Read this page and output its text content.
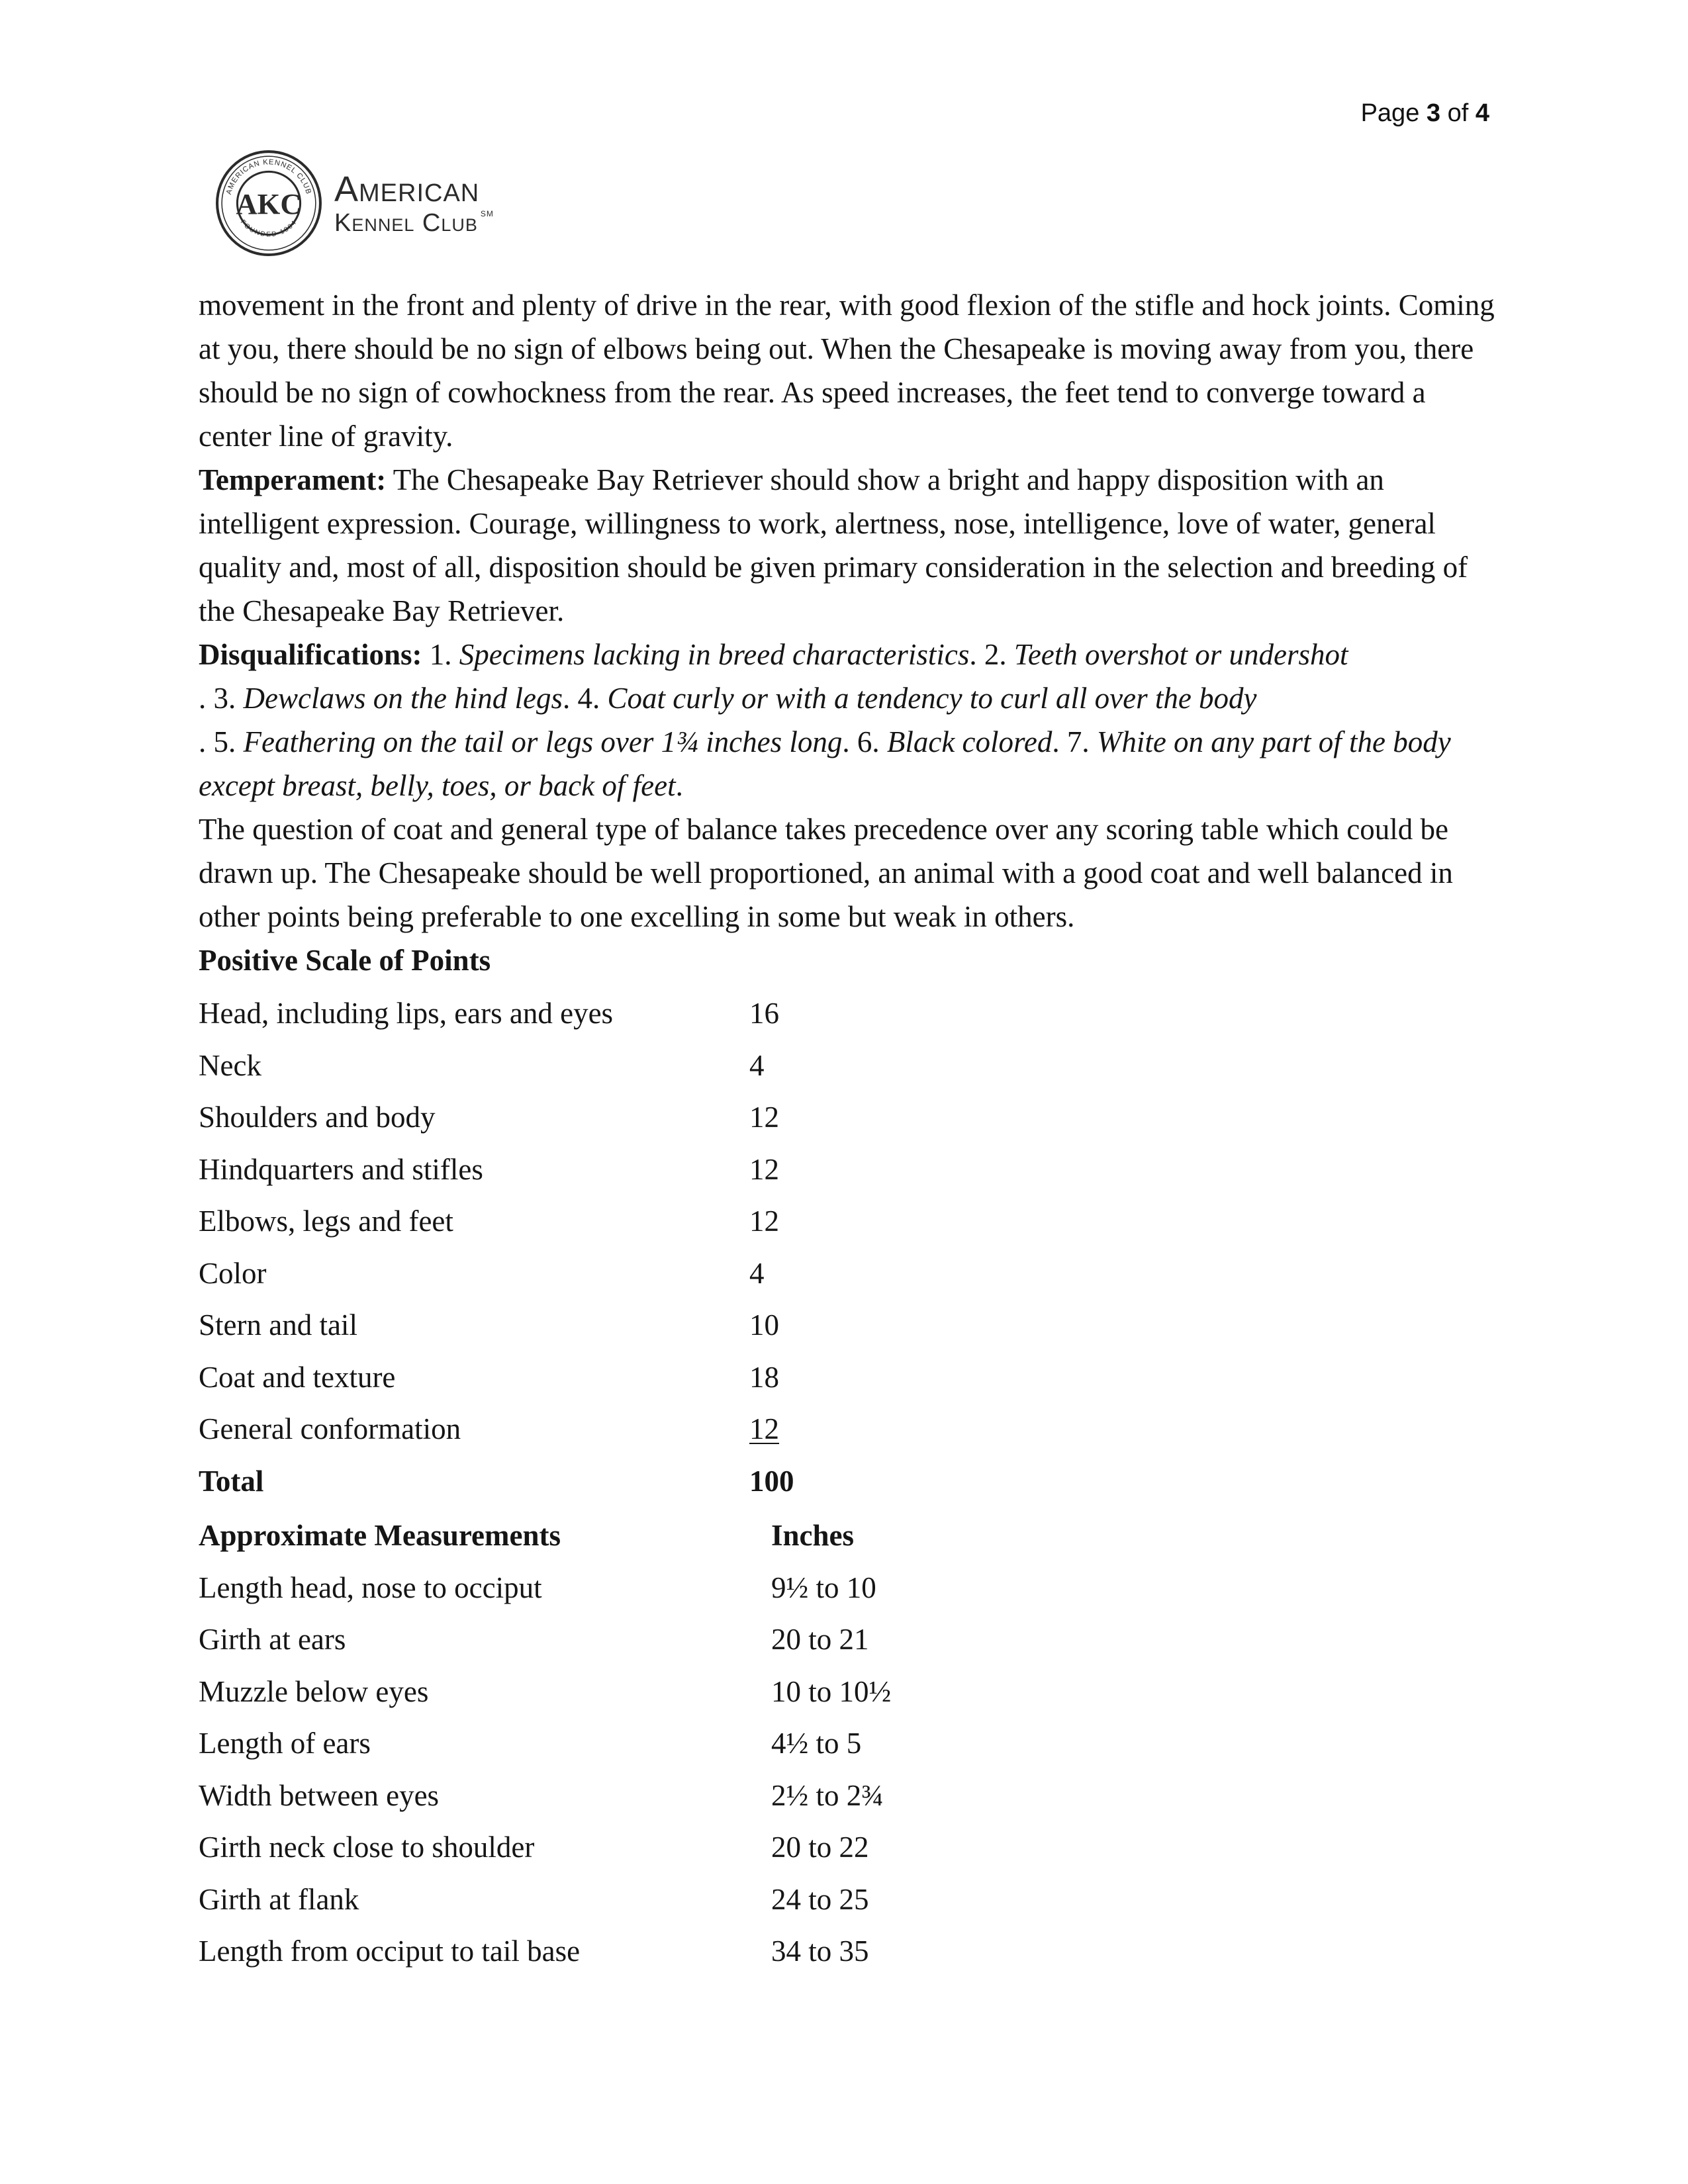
Page 3 of 4
AMERICAN KENNEL CLUB
FOUNDED 1884
AKC American
Kennel Club ℠

movement in the front and plenty of drive in the rear, with good flexion of the stifle and hock joints. Coming at you, there should be no sign of elbows being out. When the Chesapeake is moving away from you, there should be no sign of cowhockness from the rear. As speed increases, the feet tend to converge toward a center line of gravity.

Temperament: The Chesapeake Bay Retriever should show a bright and happy disposition with an intelligent expression. Courage, willingness to work, alertness, nose, intelligence, love of water, general quality and, most of all, disposition should be given primary consideration in the selection and breeding of the Chesapeake Bay Retriever.

Disqualifications: 1. Specimens lacking in breed characteristics. 2. Teeth overshot or undershot
. 3. Dewclaws on the hind legs. 4. Coat curly or with a tendency to curl all over the body
. 5. Feathering on the tail or legs over 1¾ inches long. 6. Black colored. 7. White on any part of the body except breast, belly, toes, or back of feet.

The question of coat and general type of balance takes precedence over any scoring table which could be drawn up. The Chesapeake should be well proportioned, an animal with a good coat and well balanced in other points being preferable to one excelling in some but weak in others.

Positive Scale of Points

Head, including lips, ears and eyes	16
Neck	4
Shoulders and body	12
Hindquarters and stifles	12
Elbows, legs and feet	12
Color	4
Stern and tail	10
Coat and texture	18
General conformation	12
Total	100
Approximate Measurements	Inches
Length head, nose to occiput	9½ to 10
Girth at ears	20 to 21
Muzzle below eyes	10 to 10½
Length of ears	4½ to 5
Width between eyes	2½ to 2¾
Girth neck close to shoulder	20 to 22
Girth at flank	24 to 25
Length from occiput to tail base	34 to 35
